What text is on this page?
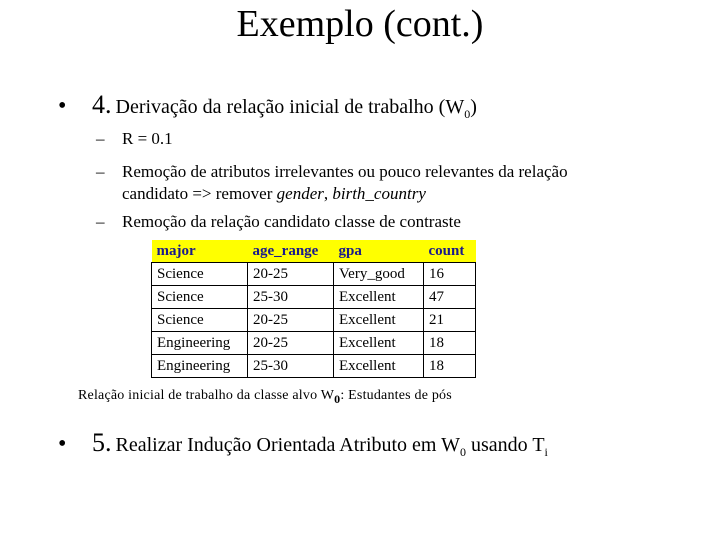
Exemplo (cont.)
• 4. Derivação da relação inicial de trabalho $(W_0)$
– R = 0.1
– Remoção de atributos irrelevantes ou pouco relevantes da relação
candidato => remover gender, birth_country
– Remoção da relação candidato classe de contraste
major	age_range	gpa	count
Science	20-25	Very_good	16
Science	25-30	Excellent	47
Science	20-25	Excellent	21
Engineering	20-25	Excellent	18
Engineering	25-30	Excellent	18
Relação inicial de trabalho da classe alvo $W_0$: Estudantes de pós
• 5. Realizar Indução Orientada Atributo em $W_0$ usando $T_i$
